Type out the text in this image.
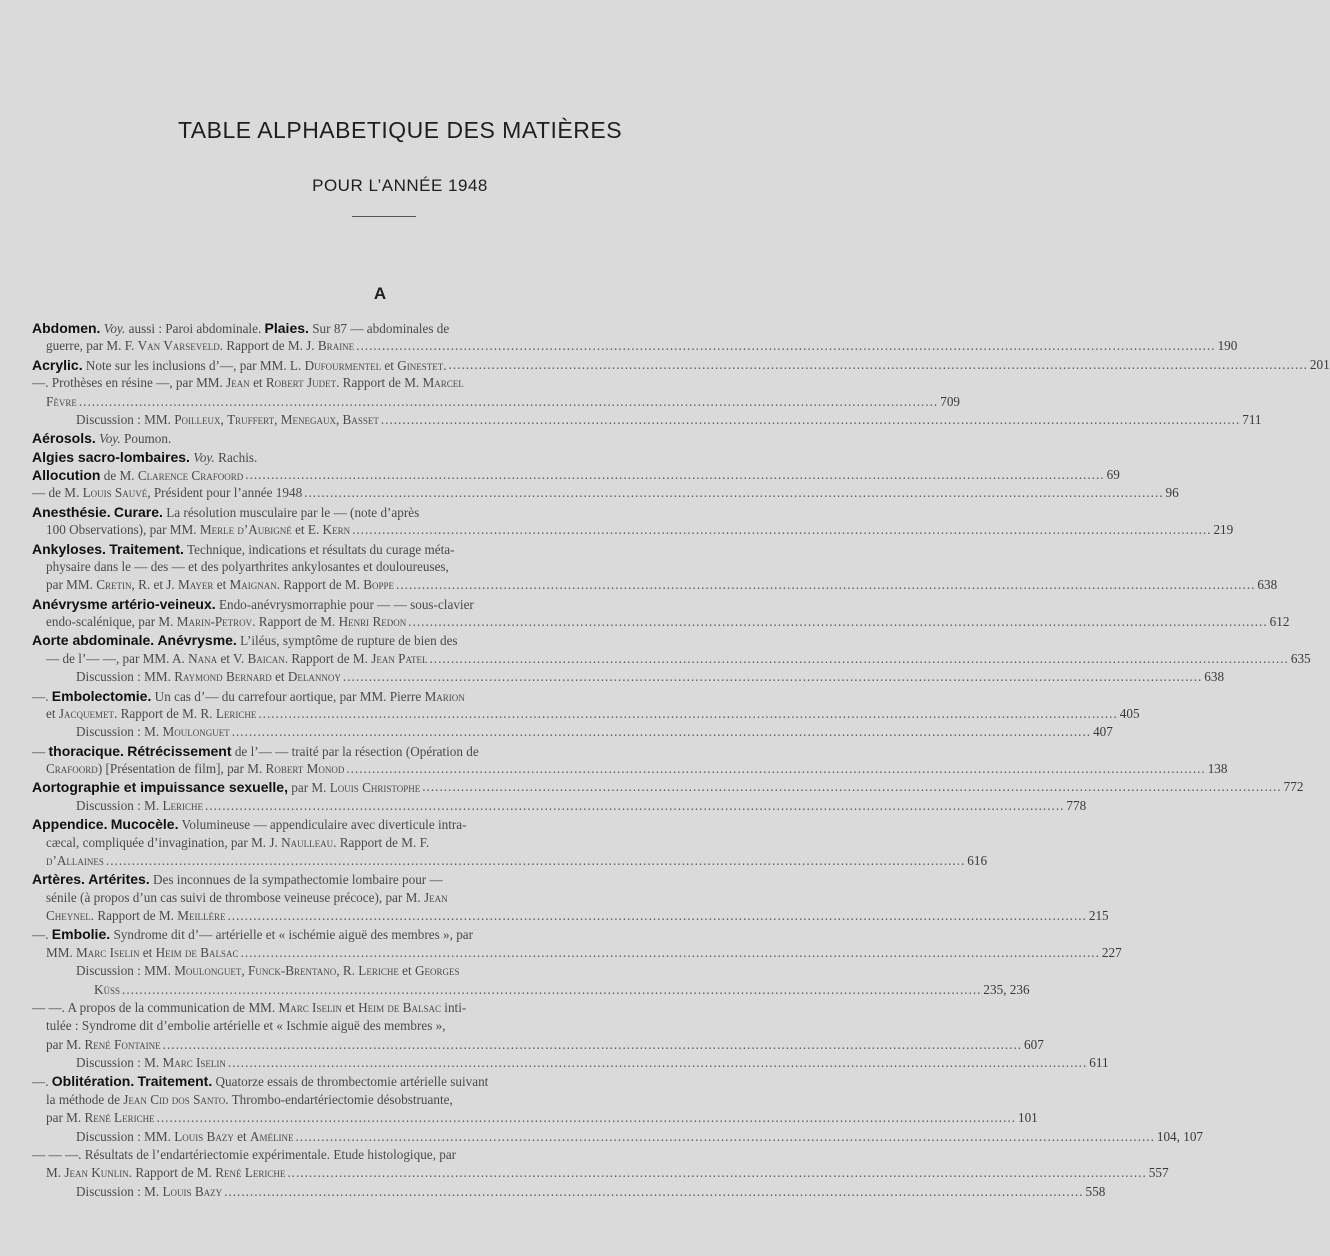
TABLE ALPHABETIQUE DES MATIÈRES
POUR L’ANNÉE 1948
A
Abdomen. Voy. aussi : Paroi abdominale. Plaies. Sur 87 — abdominales de
guerre, par M. F. Van Varseveld. Rapport de M. J. Braine ........................................................................................................................................................................................................ 190
Acrylic. Note sur les inclusions d’—, par MM. L. Dufourmentel et Ginestet. ........................................................................................................................................................................................................ 201
—. Prothèses en résine —, par MM. Jean et Robert Judet. Rapport de M. Marcel
Fèvre ........................................................................................................................................................................................................ 709
Discussion : MM. Poilleux, Truffert, Menegaux, Basset ........................................................................................................................................................................................................ 711
Aérosols. Voy. Poumon.
Algies sacro-lombaires. Voy. Rachis.
Allocution de M. Clarence Crafoord ........................................................................................................................................................................................................ 69
— de M. Louis Sauvé, Président pour l’année 1948 ........................................................................................................................................................................................................ 96
Anesthésie. Curare. La résolution musculaire par le — (note d’après
100 Observations), par MM. Merle d’Aubigné et E. Kern ........................................................................................................................................................................................................ 219
Ankyloses. Traitement. Technique, indications et résultats du curage méta-
physaire dans le — des — et des polyarthrites ankylosantes et douloureuses,
par MM. Cretin, R. et J. Mayer et Maignan. Rapport de M. Boppe ........................................................................................................................................................................................................ 638
Anévrysme artério-veineux. Endo-anévrysmorraphie pour — — sous-clavier
endo-scalénique, par M. Marin-Petrov. Rapport de M. Henri Redon ........................................................................................................................................................................................................ 612
Aorte abdominale. Anévrysme. L’iléus, symptôme de rupture de bien des
— de l’— —, par MM. A. Nana et V. Baican. Rapport de M. Jean Patel ........................................................................................................................................................................................................ 635
Discussion : MM. Raymond Bernard et Delannoy ........................................................................................................................................................................................................ 638
—. Embolectomie. Un cas d’— du carrefour aortique, par MM. Pierre Marion
et Jacquemet. Rapport de M. R. Leriche ........................................................................................................................................................................................................ 405
Discussion : M. Moulonguet ........................................................................................................................................................................................................ 407
— thoracique. Rétrécissement de l’— — traité par la résection (Opération de
Crafoord) [Présentation de film], par M. Robert Monod ........................................................................................................................................................................................................ 138
Aortographie et impuissance sexuelle, par M. Louis Christophe ........................................................................................................................................................................................................ 772
Discussion : M. Leriche ........................................................................................................................................................................................................ 778
Appendice. Mucocèle. Volumineuse — appendiculaire avec diverticule intra-
cæcal, compliquée d’invagination, par M. J. Naulleau. Rapport de M. F.
d’Allaines ........................................................................................................................................................................................................ 616
Artères. Artérites. Des inconnues de la sympathectomie lombaire pour —
sénile (à propos d’un cas suivi de thrombose veineuse précoce), par M. Jean
Cheynel. Rapport de M. Meillère ........................................................................................................................................................................................................ 215
—. Embolie. Syndrome dit d’— artérielle et « ischémie aiguë des membres », par
MM. Marc Iselin et Heim de Balsac ........................................................................................................................................................................................................ 227
Discussion : MM. Moulonguet, Funck-Brentano, R. Leriche et Georges
Küss ........................................................................................................................................................................................................ 235, 236
— —. A propos de la communication de MM. Marc Iselin et Heim de Balsac inti-
tulée : Syndrome dit d’embolie artérielle et « Ischmie aiguë des membres »,
par M. René Fontaine ........................................................................................................................................................................................................ 607
Discussion : M. Marc Iselin ........................................................................................................................................................................................................ 611
—. Oblitération. Traitement. Quatorze essais de thrombectomie artérielle suivant
la méthode de Jean Cid dos Santo. Thrombo-endartériectomie désobstruante,
par M. René Leriche ........................................................................................................................................................................................................ 101
Discussion : MM. Louis Bazy et Améline ........................................................................................................................................................................................................ 104, 107
— — —. Résultats de l’endartériectomie expérimentale. Etude histologique, par
M. Jean Kunlin. Rapport de M. René Leriche ........................................................................................................................................................................................................ 557
Discussion : M. Louis Bazy ........................................................................................................................................................................................................ 558
